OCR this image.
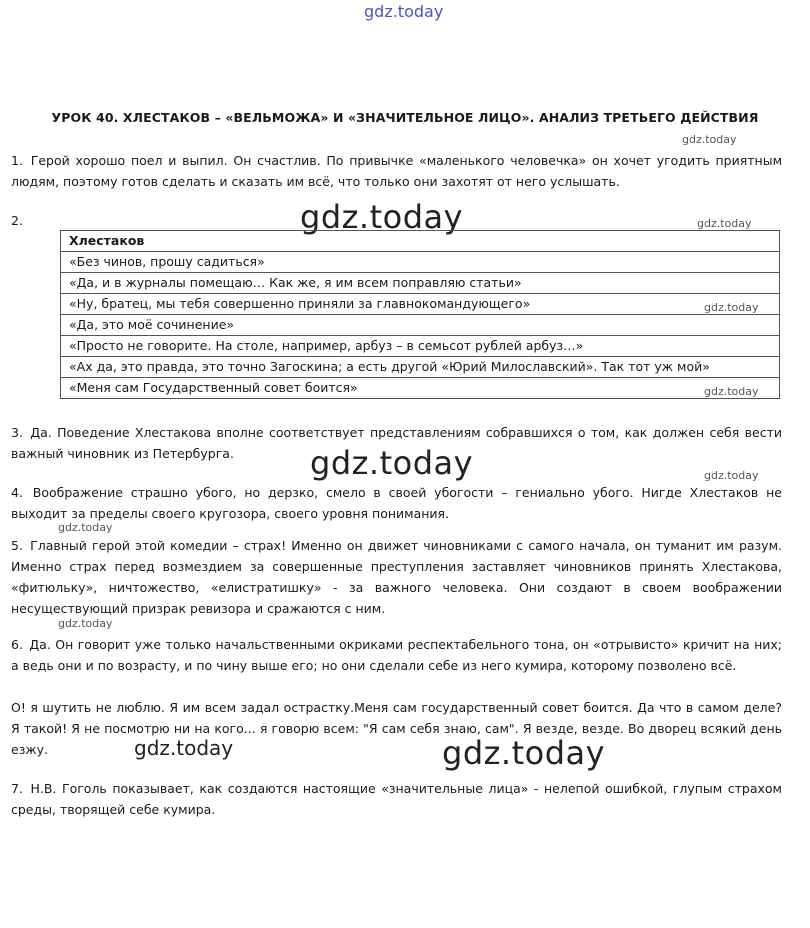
gdz.today
gdz.today
gdz.today	gdz.today
gdz.today
gdz.today
gdz.today	gdz.today
gdz.today
gdz.today
gdz.today	gdz.today
УРОК 40. ХЛЕСТАКОВ – «ВЕЛЬМОЖА» И «ЗНАЧИТЕЛЬНОЕ ЛИЦО». АНАЛИЗ ТРЕТЬЕГО ДЕЙСТВИЯ
1. Герой хорошо поел и выпил. Он счастлив. По привычке «маленького человечка» он хочет угодить приятным людям, поэтому готов сделать и сказать им всё, что только они захотят от него услышать.
2.
Хлестаков
«Без чинов, прошу садиться»
«Да, и в журналы помещаю… Как же, я им всем поправляю статьи»
«Ну, братец, мы тебя совершенно приняли за главнокомандующего»
«Да, это моё сочинение»
«Просто не говорите. На столе, например, арбуз – в семьсот рублей арбуз…»
«Ах да, это правда, это точно Загоскина; а есть другой «Юрий Милославский». Так тот уж мой»
«Меня сам Государственный совет боится»
3. Да. Поведение Хлестакова вполне соответствует представлениям собравшихся о том, как должен себя вести важный чиновник из Петербурга.
4. Воображение страшно убого, но дерзко, смело в своей убогости – гениально убого. Нигде Хлестаков не выходит за пределы своего кругозора, своего уровня понимания.
5. Главный герой этой комедии – страх! Именно он движет чиновниками с самого начала, он туманит им разум. Именно страх перед возмездием за совершенные преступления заставляет чиновников принять Хлестакова, «фитюльку», ничтожество, «елистратишку» - за важного человека. Они создают в своем воображении несуществующий призрак ревизора и сражаются с ним.
6. Да. Он говорит уже только начальственными окриками респектабельного тона, он «отрывисто» кричит на них; а ведь они и по возрасту, и по чину выше его; но они сделали себе из него кумира, которому позволено всё.
О! я шутить не люблю. Я им всем задал острастку.Меня сам государственный совет боится. Да что в самом деле? Я такой! Я не посмотрю ни на кого... я говорю всем: "Я сам себя знаю, сам". Я везде, везде. Во дворец всякий день езжу.
7. Н.В. Гоголь показывает, как создаются настоящие «значительные лица» - нелепой ошибкой, глупым страхом среды, творящей себе кумира.
